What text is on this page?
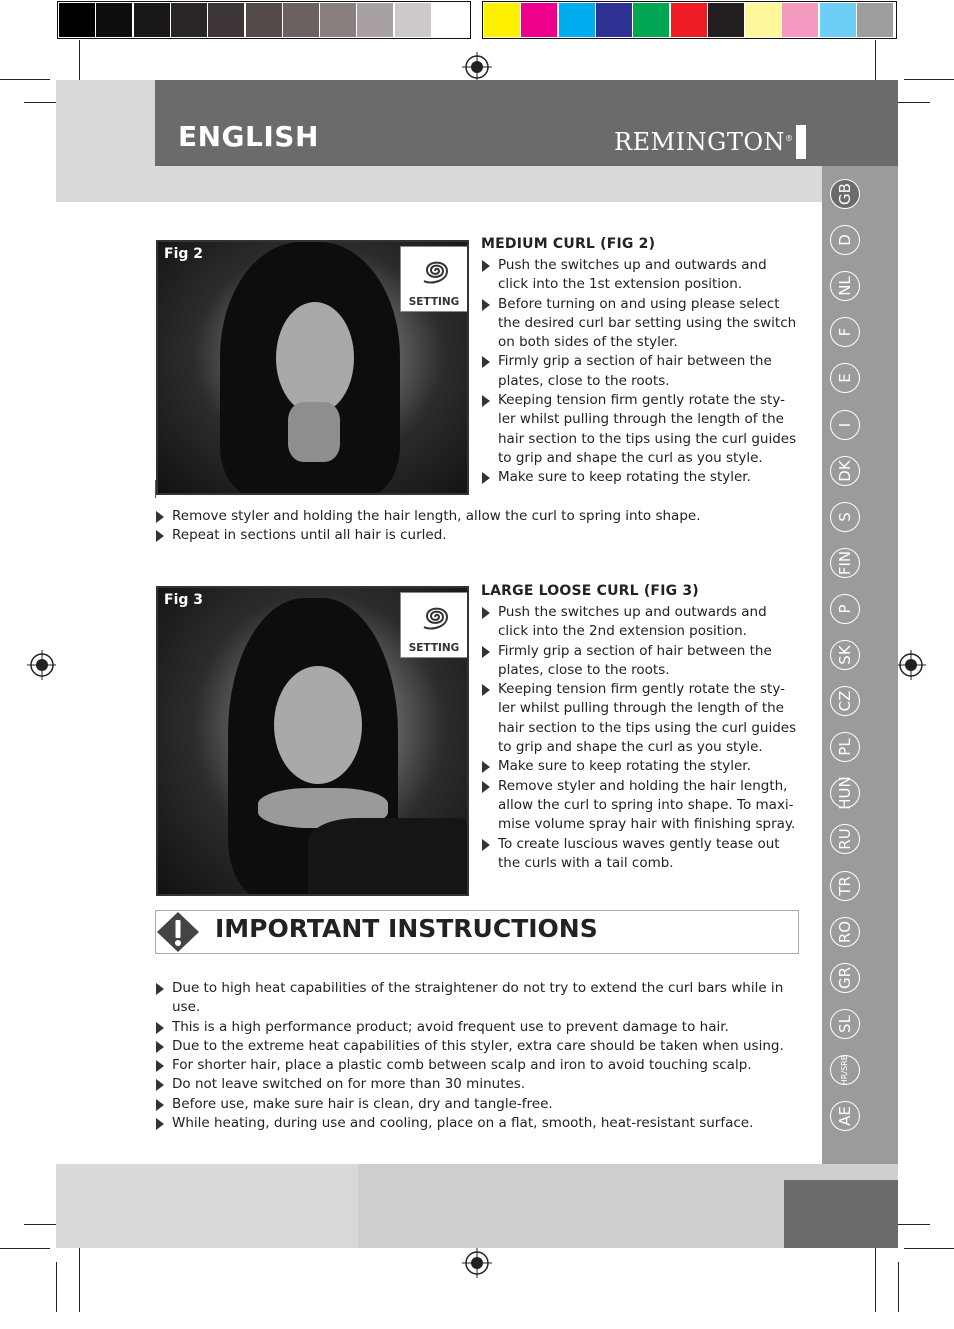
ENGLISH	REMINGTON®
GB
D
NL
F
E
I
DK
S
FIN
P
SK
CZ
PL
HUN
RU
TR
RO
GR
SL
HR/SRB
AE
Fig 2
SETTING
MEDIUM CURL (FIG 2)
Push the switches up and outwards and click into the 1st extension position.
Before turning on and using please select the desired curl bar setting using the switch on both sides of the styler.
Firmly grip a section of hair between the plates, close to the roots.
Keeping tension firm gently rotate the sty-ler whilst pulling through the length of the hair section to the tips using the curl guides to grip and shape the curl as you style.
Make sure to keep rotating the styler.
Remove styler and holding the hair length, allow the curl to spring into shape.
Repeat in sections until all hair is curled.
Fig 3
SETTING
LARGE LOOSE CURL (FIG 3)
Push the switches up and outwards and click into the 2nd extension position.
Firmly grip a section of hair between the plates, close to the roots.
Keeping tension firm gently rotate the sty-ler whilst pulling through the length of the hair section to the tips using the curl guides to grip and shape the curl as you style.
Make sure to keep rotating the styler.
Remove styler and holding the hair length, allow the curl to spring into shape. To maxi-mise volume spray hair with finishing spray.
To create luscious waves gently tease out the curls with a tail comb.
IMPORTANT INSTRUCTIONS
Due to high heat capabilities of the straightener do not try to extend the curl bars while in use.
This is a high performance product; avoid frequent use to prevent damage to hair.
Due to the extreme heat capabilities of this styler, extra care should be taken when using.
For shorter hair, place a plastic comb between scalp and iron to avoid touching scalp.
Do not leave switched on for more than 30 minutes.
Before use, make sure hair is clean, dry and tangle-free.
While heating, during use and cooling, place on a flat, smooth, heat-resistant surface.
